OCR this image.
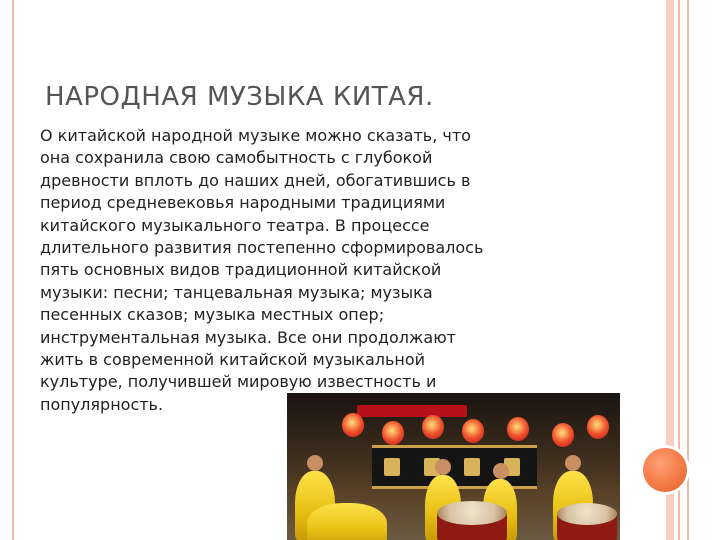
НАРОДНАЯ МУЗЫКА КИТАЯ.

О китайской народной музыке можно сказать, что она сохранила свою самобытность с глубокой древности вплоть до наших дней, обогатившись в период средневековья народными традициями китайского музыкального театра. В процессе длительного развития постепенно сформировалось пять основных видов традиционной китайской музыки: песни; танцевальная музыка; музыка песенных сказов; музыка местных опер; инструментальная музыка. Все они продолжают жить в современной китайской музыкальной культуре, получившей мировую известность и популярность.
